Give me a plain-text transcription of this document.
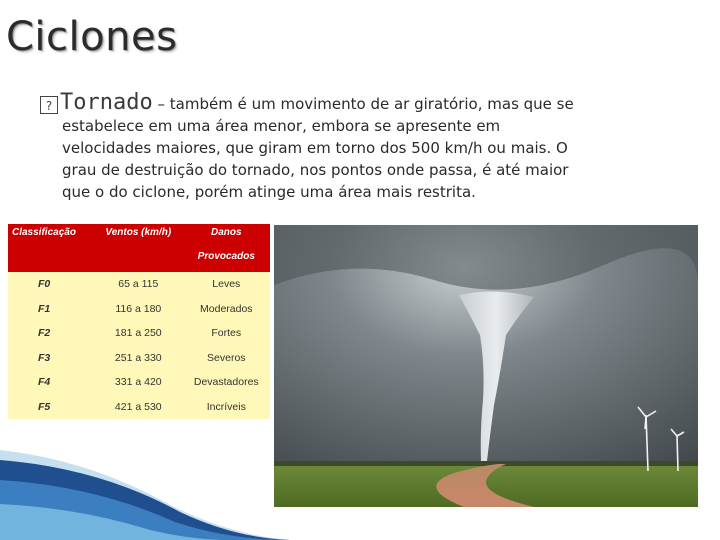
Ciclones
? Tornado – também é um movimento de ar giratório, mas que se
estabelece em uma área menor, embora se apresente em
velocidades maiores, que giram em torno dos 500 km/h ou mais. O
grau de destruição do tornado, nos pontos onde passa, é até maior
que o do ciclone, porém atinge uma área mais restrita.
Classificação	Ventos (km/h)	Danos
		Provocados
F0	65 a 115	Leves
F1	116 a 180	Moderados
F2	181 a 250	Fortes
F3	251 a 330	Severos
F4	331 a 420	Devastadores
F5	421 a 530	Incríveis
